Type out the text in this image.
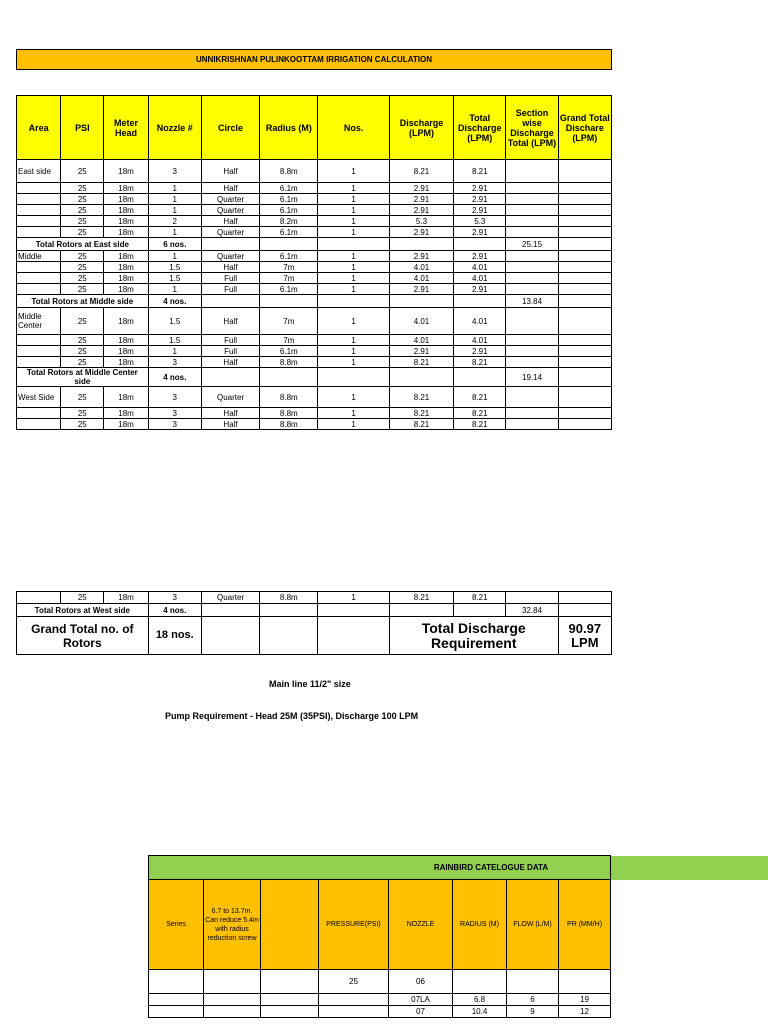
UNNIKRISHNAN PULINKOOTTAM IRRIGATION CALCULATION
Area	PSI	Meter Head	Nozzle #	Circle	Radius (M)	Nos.	Discharge (LPM)	Total Discharge (LPM)	Section wise Discharge Total (LPM)	Grand Total Dischare (LPM)
East side	25	18m	3	Half	8.8m	1	8.21	8.21		
	25	18m	1	Half	6.1m	1	2.91	2.91		
	25	18m	1	Quarter	6.1m	1	2.91	2.91		
	25	18m	1	Quarter	6.1m	1	2.91	2.91		
	25	18m	2	Half	8.2m	1	5.3	5.3		
	25	18m	1	Quarter	6.1m	1	2.91	2.91		
Total Rotors at East side			6 nos.						25.15	
Middle	25	18m	1	Quarter	6.1m	1	2.91	2.91		
	25	18m	1.5	Half	7m	1	4.01	4.01		
	25	18m	1.5	Full	7m	1	4.01	4.01		
	25	18m	1	Full	6.1m	1	2.91	2.91		
Total Rotors at Middle side			4 nos.						13.84	
Middle Center	25	18m	1.5	Half	7m	1	4.01	4.01		
	25	18m	1.5	Full	7m	1	4.01	4.01		
	25	18m	1	Full	6.1m	1	2.91	2.91		
	25	18m	3	Half	8.8m	1	8.21	8.21		
Total Rotors at Middle Center side			4 nos.						19.14	
West Side	25	18m	3	Quarter	8.8m	1	8.21	8.21		
	25	18m	3	Half	8.8m	1	8.21	8.21		
	25	18m	3	Half	8.8m	1	8.21	8.21		
	25	18m	3	Quarter	8.8m	1	8.21	8.21		
Total Rotors at West side			4 nos.						32.84	
Grand Total no. of Rotors			18 nos.				Total Discharge Requirement			90.97 LPM
Main line 11/2" size
Pump Requirement - Head 25M (35PSI), Discharge 100 LPM
RAINBIRD CATELOGUE DATA							
Series	6.7 to 13.7m. Can reduce 5.4m with radius reduction screw		PRESSURE(PSI)	NOZZLE	RADIUS (M)	FLOW (L/M)	PR (MM/H)
			25	06			
				07LA	6.8	6	19
				07	10.4	9	12
